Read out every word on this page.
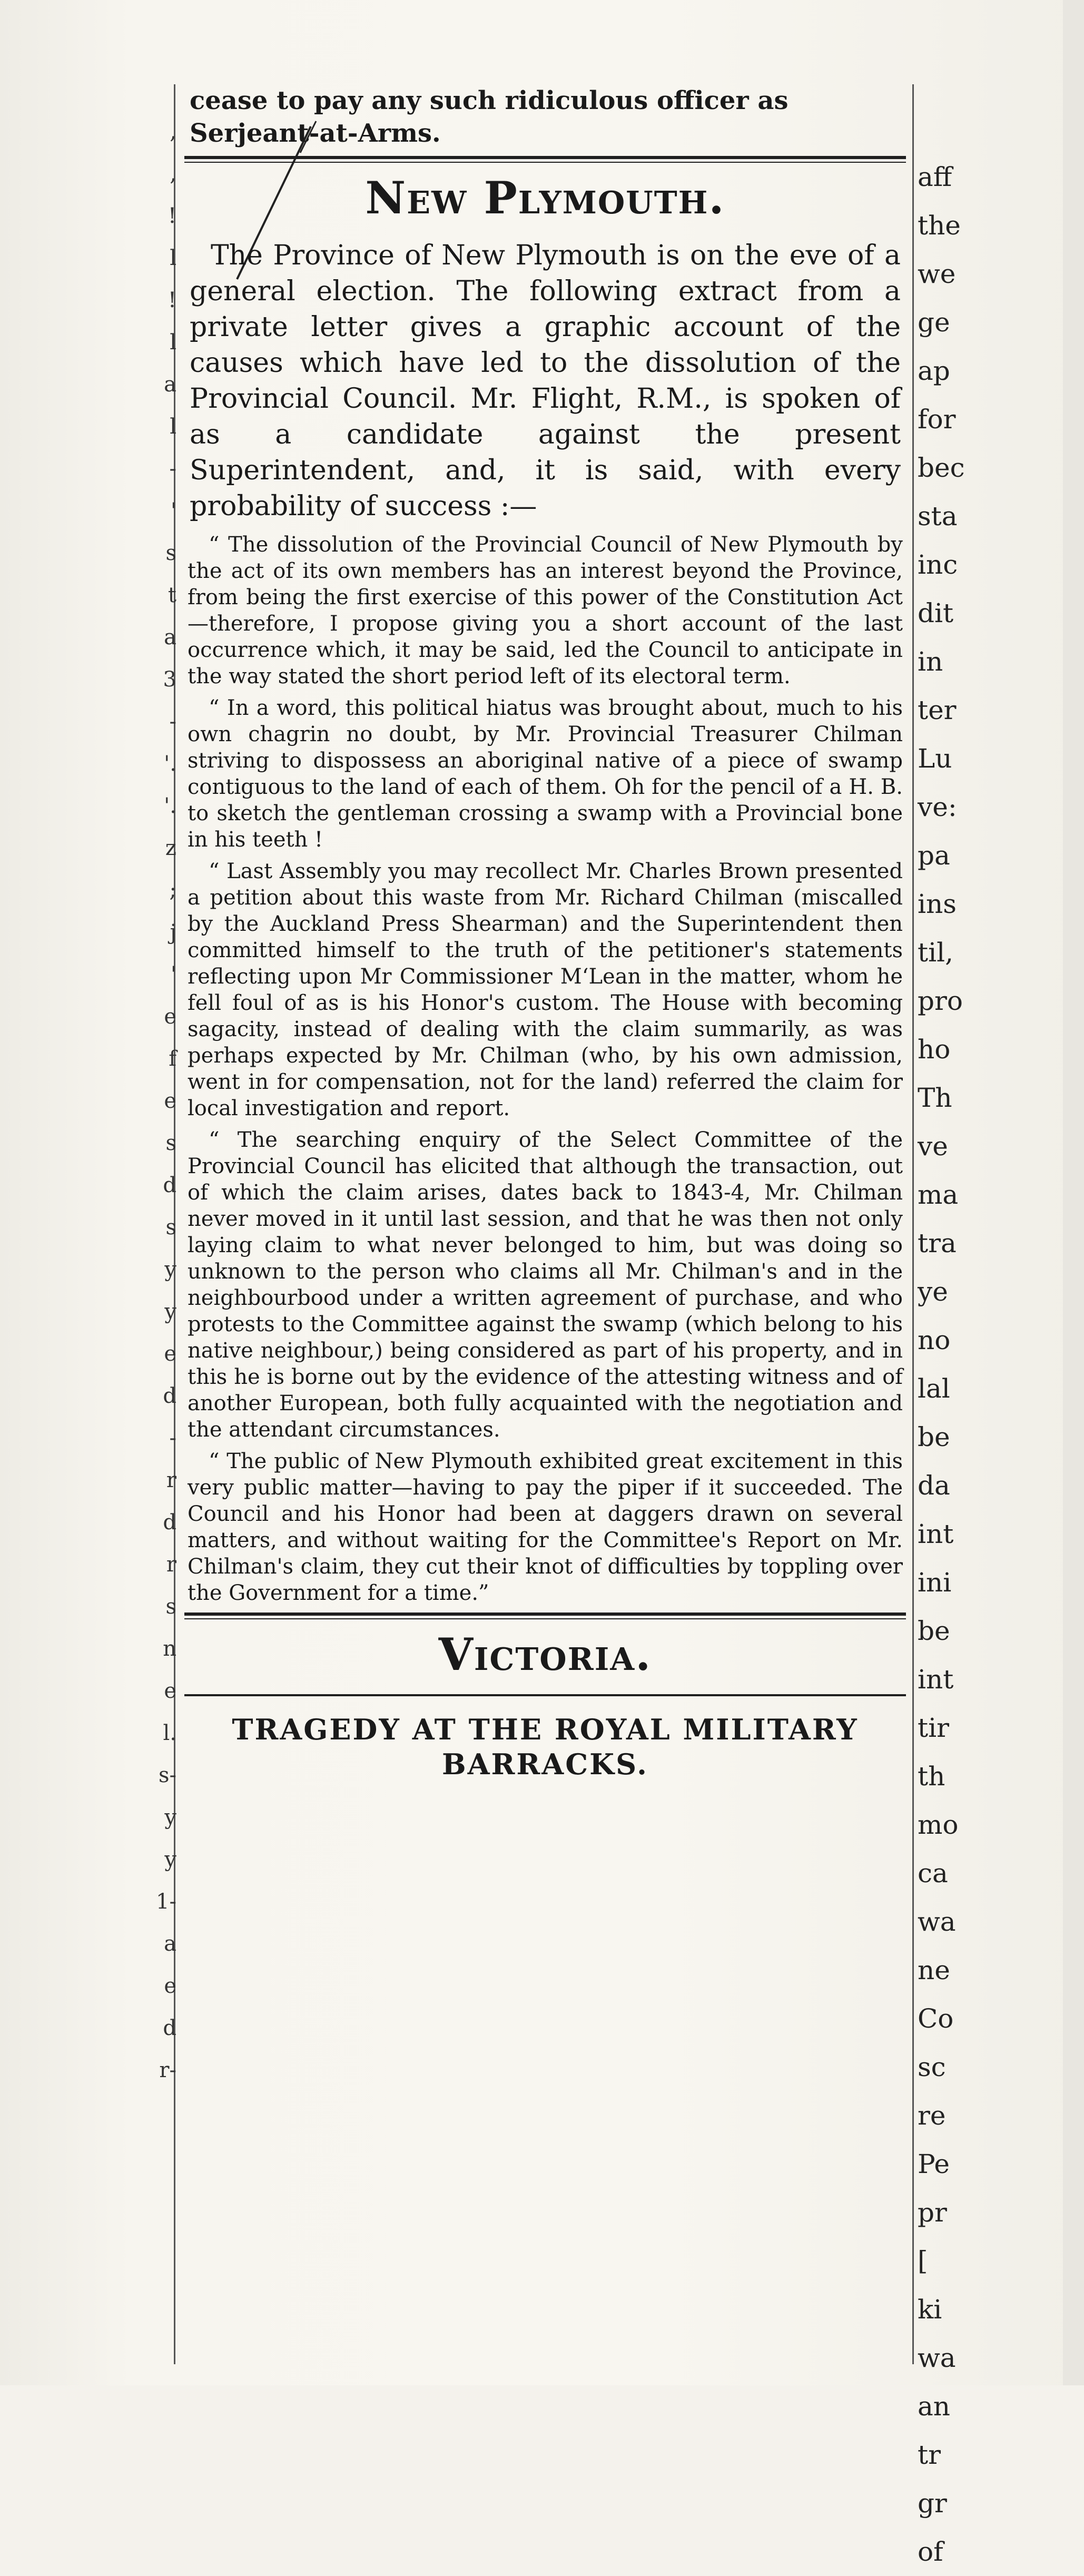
,
,
!
l
!
l
a
l
-
'
s
t
a
3
-
'.
'.
z
;
j
'
e
f
e
s
d
s
y
y
e
d
-
r
d
r
s
n
e
l.
s-
y
y
1-
a
e
d
r-
aff
the
we
ge
ap
for
bec
sta
inc
dit
in
ter
Lu
ve:
pa
ins
til,
pro
ho
Th
ve
ma
tra
ye
no
lal
be
da
int
ini
be
int
tir
th
mo
ca
wa
ne
Co
sc
re
Pe
pr
[
ki
wa
an
tr
gr
of

cease to pay any such ridiculous officer as Serjeant-at-Arms.

New Plymouth.

The Province of New Plymouth is on the eve of a general election. The following extract from a private letter gives a graphic account of the causes which have led to the dissolution of the Provincial Council. Mr. Flight, R.M., is spoken of as a candidate against the present Superintendent, and, it is said, with every probability of success :—

“ The dissolution of the Provincial Council of New Plymouth by the act of its own members has an interest beyond the Province, from being the first exercise of this power of the Constitution Act—therefore, I propose giving you a short account of the last occurrence which, it may be said, led the Council to anticipate in the way stated the short period left of its electoral term.

“ In a word, this political hiatus was brought about, much to his own chagrin no doubt, by Mr. Provincial Treasurer Chilman striving to dispossess an aboriginal native of a piece of swamp contiguous to the land of each of them. Oh for the pencil of a H. B. to sketch the gentleman crossing a swamp with a Provincial bone in his teeth !

“ Last Assembly you may recollect Mr. Charles Brown presented a petition about this waste from Mr. Richard Chilman (miscalled by the Auckland Press Shearman) and the Superintendent then committed himself to the truth of the petitioner's statements reflecting upon Mr Commissioner M‘Lean in the matter, whom he fell foul of as is his Honor's custom. The House with becoming sagacity, instead of dealing with the claim summarily, as was perhaps expected by Mr. Chilman (who, by his own admission, went in for compensation, not for the land) referred the claim for local investigation and report.

“ The searching enquiry of the Select Committee of the Provincial Council has elicited that although the transaction, out of which the claim arises, dates back to 1843-4, Mr. Chilman never moved in it until last session, and that he was then not only laying claim to what never belonged to him, but was doing so unknown to the person who claims all Mr. Chilman's and in the neighbourbood under a written agreement of purchase, and who protests to the Committee against the swamp (which belong to his native neighbour,) being considered as part of his property, and in this he is borne out by the evidence of the attesting witness and of another European, both fully acquainted with the negotiation and the attendant circumstances.

“ The public of New Plymouth exhibited great excitement in this very public matter—having to pay the piper if it succeeded. The Council and his Honor had been at daggers drawn on several matters, and without waiting for the Committee's Report on Mr. Chilman's claim, they cut their knot of difficulties by toppling over the Government for a time.”

Victoria.
TRAGEDY AT THE ROYAL MILITARY BARRACKS.
